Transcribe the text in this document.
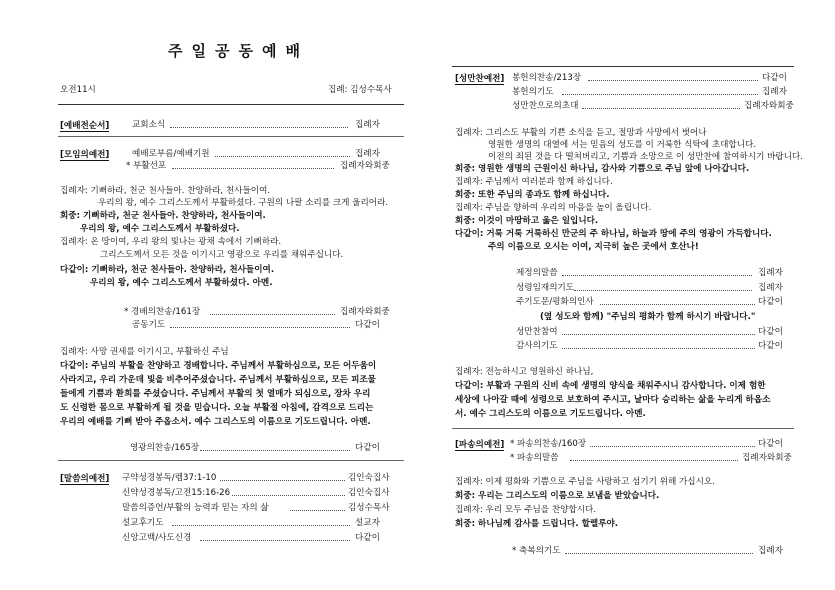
주일공동예배
오전11시	집례: 김성수목사
[예배전순서]	교회소식	집례자
[모임의예전]	예배로부름/예배기원	집례자
* 부활선포	집례자와회중
집례자: 기뻐하라, 천군 천사들아. 찬양하라, 천사들이여.
우리의 왕, 예수 그리스도께서 부활하셨다. 구원의 나팔 소리를 크게 울리어라.
회중: 기뻐하라, 천군 천사들아. 찬양하라, 천사들이여.
우리의 왕, 예수 그리스도께서 부활하셨다.
집례자: 온 땅이여, 우리 왕의 빛나는 광채 속에서 기뻐하라.
그리스도께서 모든 것을 이기시고 영광으로 우리를 채워주십니다.
다같이: 기뻐하라, 천군 천사들아. 찬양하라, 천사들이여.
우리의 왕, 예수 그리스도께서 부활하셨다. 아멘.
* 경배의찬송/161장	집례자와회중
공동기도	다같이
집례자: 사망 권세를 이기시고, 부활하신 주님
다같이: 주님의 부활을 찬양하고 경배합니다. 주님께서 부활하심으로, 모든 어두움이
사라지고, 우리 가운데 빛을 비추어주셨습니다. 주님께서 부활하심으로, 모든 피조물
들에게 기쁨과 환희를 주셨습니다. 주님께서 부활의 첫 열매가 되심으로, 장차 우리
도 신령한 몸으로 부활하게 될 것을 믿습니다. 오늘 부활절 아침에, 감격으로 드리는
우리의 예배를 기뻐 받아 주옵소서. 예수 그리스도의 이름으로 기도드립니다. 아멘.
영광의찬송/165장	다같이
[말씀의예전] 구약성경봉독/렘37:1-10	김인숙집사
신약성경봉독/고전15:16-26	김인숙집사
말씀의증언/부활의 능력과 믿는 자의 삶	김성수목사
설교후기도	설교자
신앙고백/사도신경	다같이
[성만찬예전] 봉헌의찬송/213장	다같이
봉헌의기도	집례자
성만찬으로의초대	집례자와회중
집례자: 그리스도 부활의 기쁜 소식을 듣고, 절망과 사망에서 벗어나
영원한 생명의 대열에 서는 믿음의 성도를 이 거룩한 식탁에 초대합니다.
이전의 죄된 것을 다 떨쳐버리고, 기쁨과 소망으로 이 성만찬에 참여하시기 바랍니다.
회중: 영원한 생명의 근원이신 하나님, 감사와 기쁨으로 주님 앞에 나아갑니다.
집례자: 주님께서 여러분과 함께 하십니다.
회중: 또한 주님의 종과도 함께 하십니다.
집례자: 주님을 향하여 우리의 마음을 높이 올립니다.
회중: 이것이 마땅하고 옳은 일입니다.
다같이: 거룩 거룩 거룩하신 만군의 주 하나님, 하늘과 땅에 주의 영광이 가득합니다.
주의 이름으로 오시는 이여, 지극히 높은 곳에서 호산나!
제정의말씀	집례자
성령임재의기도	집례자
주기도문/평화의인사	다같이
(옆 성도와 함께) "주님의 평화가 함께 하시기 바랍니다."
성만찬참여	다같이
감사의기도	다같이
집례자: 전능하시고 영원하신 하나님,
다같이: 부활과 구원의 신비 속에 생명의 양식을 채워주시니 감사합니다. 이제 험한
세상에 나아갈 때에 성령으로 보호하여 주시고, 날마다 승리하는 삶을 누리게 하옵소
서. 예수 그리스도의 이름으로 기도드립니다. 아멘.
[파송의예전] * 파송의찬송/160장	다같이
* 파송의말씀	집례자와회중
집례자: 이제 평화와 기쁨으로 주님을 사랑하고 섬기기 위해 가십시오.
회중: 우리는 그리스도의 이름으로 보냄을 받았습니다.
집례자: 우리 모두 주님을 찬양합시다.
회중: 하나님께 감사를 드립니다. 할렐루야.
* 축복의기도	집례자
